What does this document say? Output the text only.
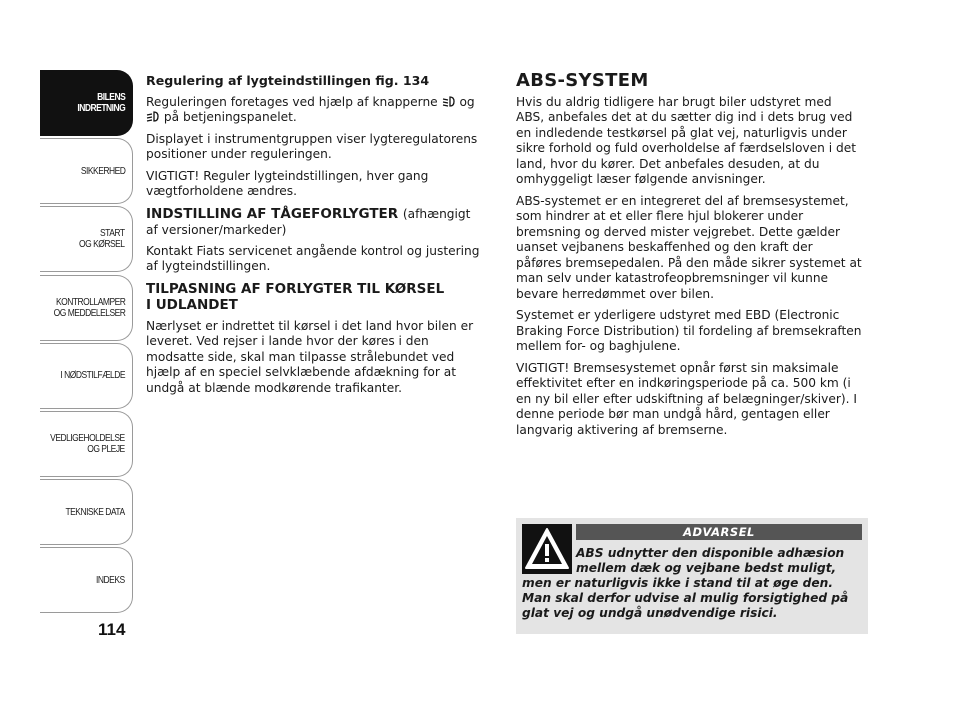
BILENS
INDRETNING
SIKKERHED
START
OG KØRSEL
KONTROLLAMPER
OG MEDDELELSER
I NØDSTILFÆLDE
VEDLIGEHOLDELSE
OG PLEJE
TEKNISKE DATA
INDEKS
114

Regulering af lygteindstillingen fig. 134

Reguleringen foretages ved hjælp af knapperne og  på betjeningspanelet.

Displayet i instrumentgruppen viser lygteregulatorens positioner under reguleringen.

VIGTIGT! Reguler lygteindstillingen, hver gang vægtforholdene ændres.

INDSTILLING AF TÅGEFORLYGTER (afhængigt af versioner/markeder)

Kontakt Fiats servicenet angående kontrol og justering af lygteindstillingen.

TILPASNING AF FORLYGTER TIL KØRSEL
I UDLANDET

Nærlyset er indrettet til kørsel i det land hvor bilen er leveret. Ved rejser i lande hvor der køres i den modsatte side, skal man tilpasse strålebundet ved hjælp af en speciel selvklæbende afdækning for at undgå at blænde modkørende trafikanter.

ABS-SYSTEM

Hvis du aldrig tidligere har brugt biler udstyret med ABS, anbefales det at du sætter dig ind i dets brug ved en indledende testkørsel på glat vej, naturligvis under sikre forhold og fuld overholdelse af færdselsloven i det land, hvor du kører. Det anbefales desuden, at du omhyggeligt læser følgende anvisninger.

ABS-systemet er en integreret del af bremsesystemet, som hindrer at et eller flere hjul blokerer under bremsning og derved mister vejgrebet. Dette gælder uanset vejbanens beskaffenhed og den kraft der påføres bremsepedalen. På den måde sikrer systemet at man selv under katastrofeopbremsninger vil kunne bevare herredømmet over bilen.

Systemet er yderligere udstyret med EBD (Electronic Braking Force Distribution) til fordeling af bremsekraften mellem for- og baghjulene.

VIGTIGT! Bremsesystemet opnår først sin maksimale effektivitet efter en indkøringsperiode på ca. 500 km (i en ny bil eller efter udskiftning af belægninger/skiver). I denne periode bør man undgå hård, gentagen eller langvarig aktivering af bremserne.

ADVARSEL
ABS udnytter den disponible adhæsion
mellem dæk og vejbane bedst muligt,
men er naturligvis ikke i stand til at øge den. Man skal derfor udvise al mulig forsigtighed på glat vej og undgå unødvendige risici.
